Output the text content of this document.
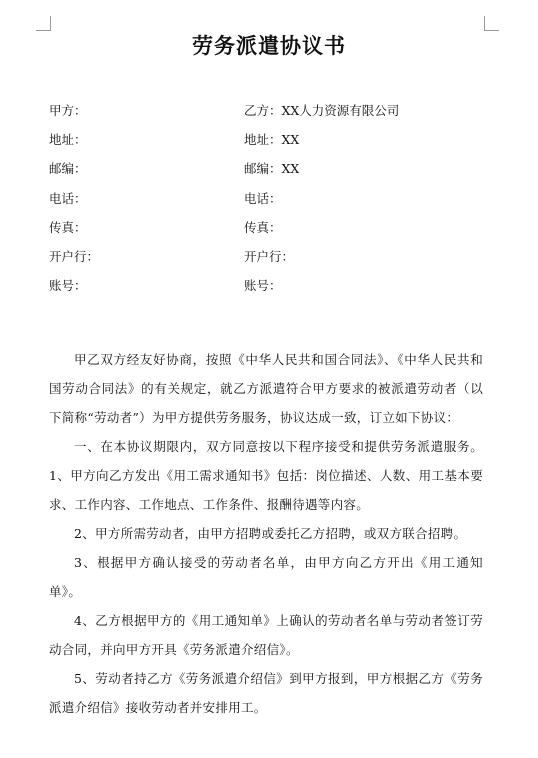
劳务派遣协议书
甲方：	乙方：XX人力资源有限公司
地址：	地址：XX
邮编：	邮编：XX
电话：	电话：
传真：	传真：
开户行：	开户行：
账号：	账号：

甲乙双方经友好协商，按照《中华人民共和国合同法》、《中华人民共和国劳动合同法》的有关规定，就乙方派遣符合甲方要求的被派遣劳动者（以下简称“劳动者”）为甲方提供劳务服务，协议达成一致，订立如下协议：

一、在本协议期限内，双方同意按以下程序接受和提供劳务派遣服务。1、甲方向乙方发出《用工需求通知书》包括：岗位描述、人数、用工基本要求、工作内容、工作地点、工作条件、报酬待遇等内容。

2、甲方所需劳动者，由甲方招聘或委托乙方招聘，或双方联合招聘。

3、根据甲方确认接受的劳动者名单，由甲方向乙方开出《用工通知单》。

4、乙方根据甲方的《用工通知单》上确认的劳动者名单与劳动者签订劳动合同，并向甲方开具《劳务派遣介绍信》。

5、劳动者持乙方《劳务派遣介绍信》到甲方报到，甲方根据乙方《劳务派遣介绍信》接收劳动者并安排用工。
